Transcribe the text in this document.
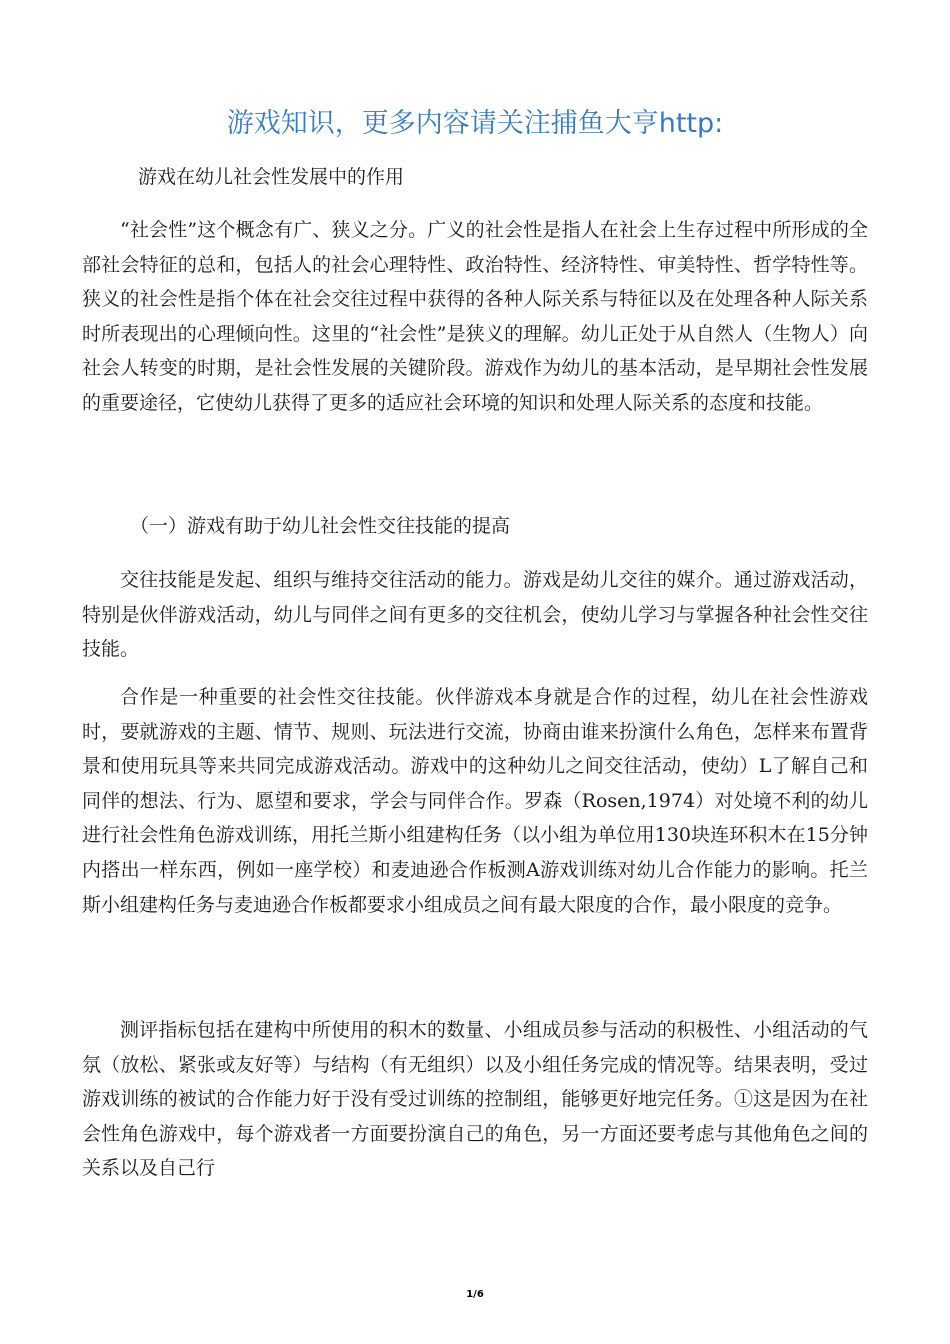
游戏知识，更多内容请关注捕鱼大亨http:
游戏在幼儿社会性发展中的作用

“社会性”这个概念有广、狭义之分。广义的社会性是指人在社会上生存过程中所形成的全部社会特征的总和，包括人的社会心理特性、政治特性、经济特性、审美特性、哲学特性等。狭义的社会性是指个体在社会交往过程中获得的各种人际关系与特征以及在处理各种人际关系时所表现出的心理倾向性。这里的“社会性”是狭义的理解。幼儿正处于从自然人（生物人）向社会人转变的时期，是社会性发展的关键阶段。游戏作为幼儿的基本活动，是早期社会性发展的重要途径，它使幼儿获得了更多的适应社会环境的知识和处理人际关系的态度和技能。

（一）游戏有助于幼儿社会性交往技能的提高

交往技能是发起、组织与维持交往活动的能力。游戏是幼儿交往的媒介。通过游戏活动，特别是伙伴游戏活动，幼儿与同伴之间有更多的交往机会，使幼儿学习与掌握各种社会性交往技能。

合作是一种重要的社会性交往技能。伙伴游戏本身就是合作的过程，幼儿在社会性游戏时，要就游戏的主题、情节、规则、玩法进行交流，协商由谁来扮演什么角色，怎样来布置背景和使用玩具等来共同完成游戏活动。游戏中的这种幼儿之间交往活动，使幼）L了解自己和同伴的想法、行为、愿望和要求，学会与同伴合作。罗森（Rosen,1974）对处境不利的幼儿进行社会性角色游戏训练，用托兰斯小组建构任务（以小组为单位用130块连环积木在15分钟内搭出一样东西，例如一座学校）和麦迪逊合作板测A游戏训练对幼儿合作能力的影响。托兰斯小组建构任务与麦迪逊合作板都要求小组成员之间有最大限度的合作，最小限度的竞争。

测评指标包括在建构中所使用的积木的数量、小组成员参与活动的积极性、小组活动的气氛（放松、紧张或友好等）与结构（有无组织）以及小组任务完成的情况等。结果表明，受过游戏训练的被试的合作能力好于没有受过训练的控制组，能够更好地完任务。①这是因为在社会性角色游戏中，每个游戏者一方面要扮演自己的角色，另一方面还要考虑与其他角色之间的关系以及自己行

1/6
